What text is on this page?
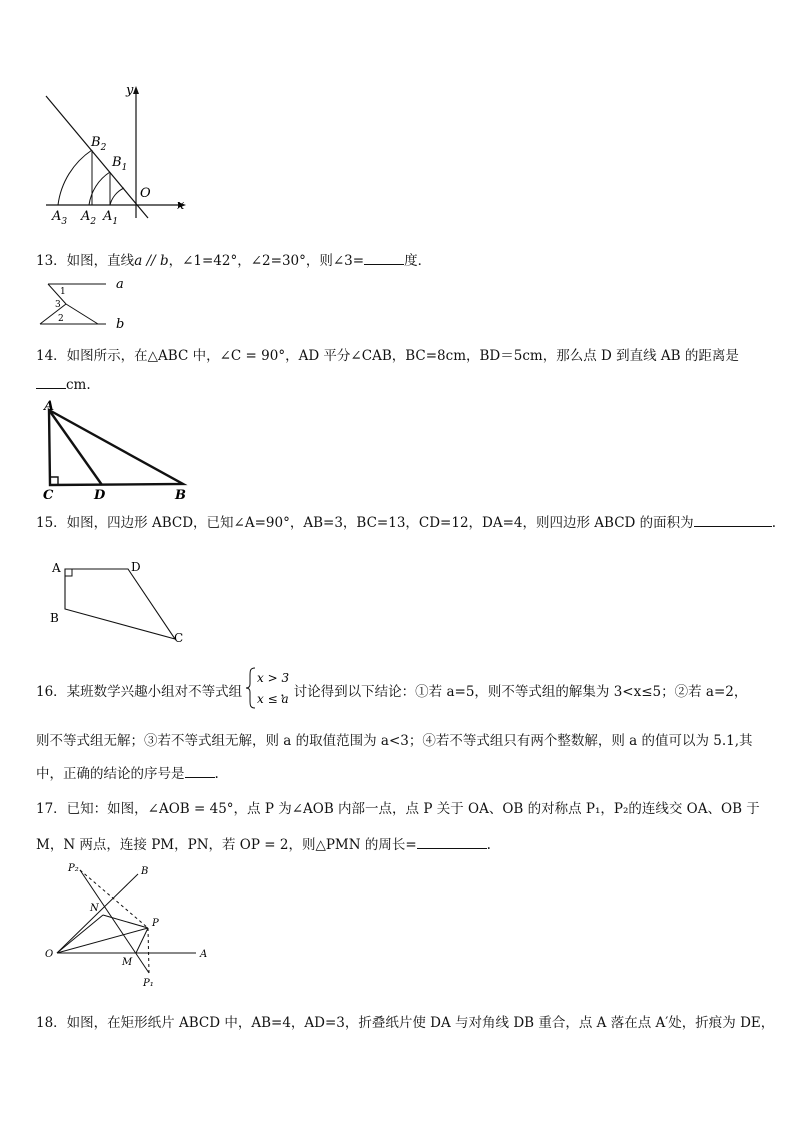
y
x
O
$B_2$
$B_1$
$A_3$ $A_2$ $A_1$
13．如图，直线a // b，∠1=42°，∠2=30°，则∠3=	度．
a
b
1
3
2
14．如图所示，在△ABC 中，∠C = 90°，AD 平分∠CAB，BC=8cm，BD＝5cm，那么点 D 到直线 AB 的距离是
cm.
A
C	D	B
15．如图，四边形 ABCD，已知∠A=90°，AB=3，BC=13，CD=12，DA=4，则四边形 ABCD 的面积为	.
A	D
B
C
16．某班数学兴趣小组对不等式组	，讨论得到以下结论：①若 a=5，则不等式组的解集为 3<x≤5；②若 a=2，
x > 3
x ≤ a
则不等式组无解；③若不等式组无解，则 a 的取值范围为 a<3；④若不等式组只有两个整数解，则 a 的值可以为 5.1,其
中，正确的结论的序号是 .
17．已知：如图，∠AOB = 45°，点 P 为∠AOB 内部一点，点 P 关于 OA、OB 的对称点 P₁，P₂的连线交 OA、OB 于
M，N 两点，连接 PM，PN，若 OP = 2，则△PMN 的周长=	.
P₂	B
N
P
O
M
A
P₁
18．如图，在矩形纸片 ABCD 中，AB=4，AD=3，折叠纸片使 DA 与对角线 DB 重合，点 A 落在点 A′处，折痕为 DE，
